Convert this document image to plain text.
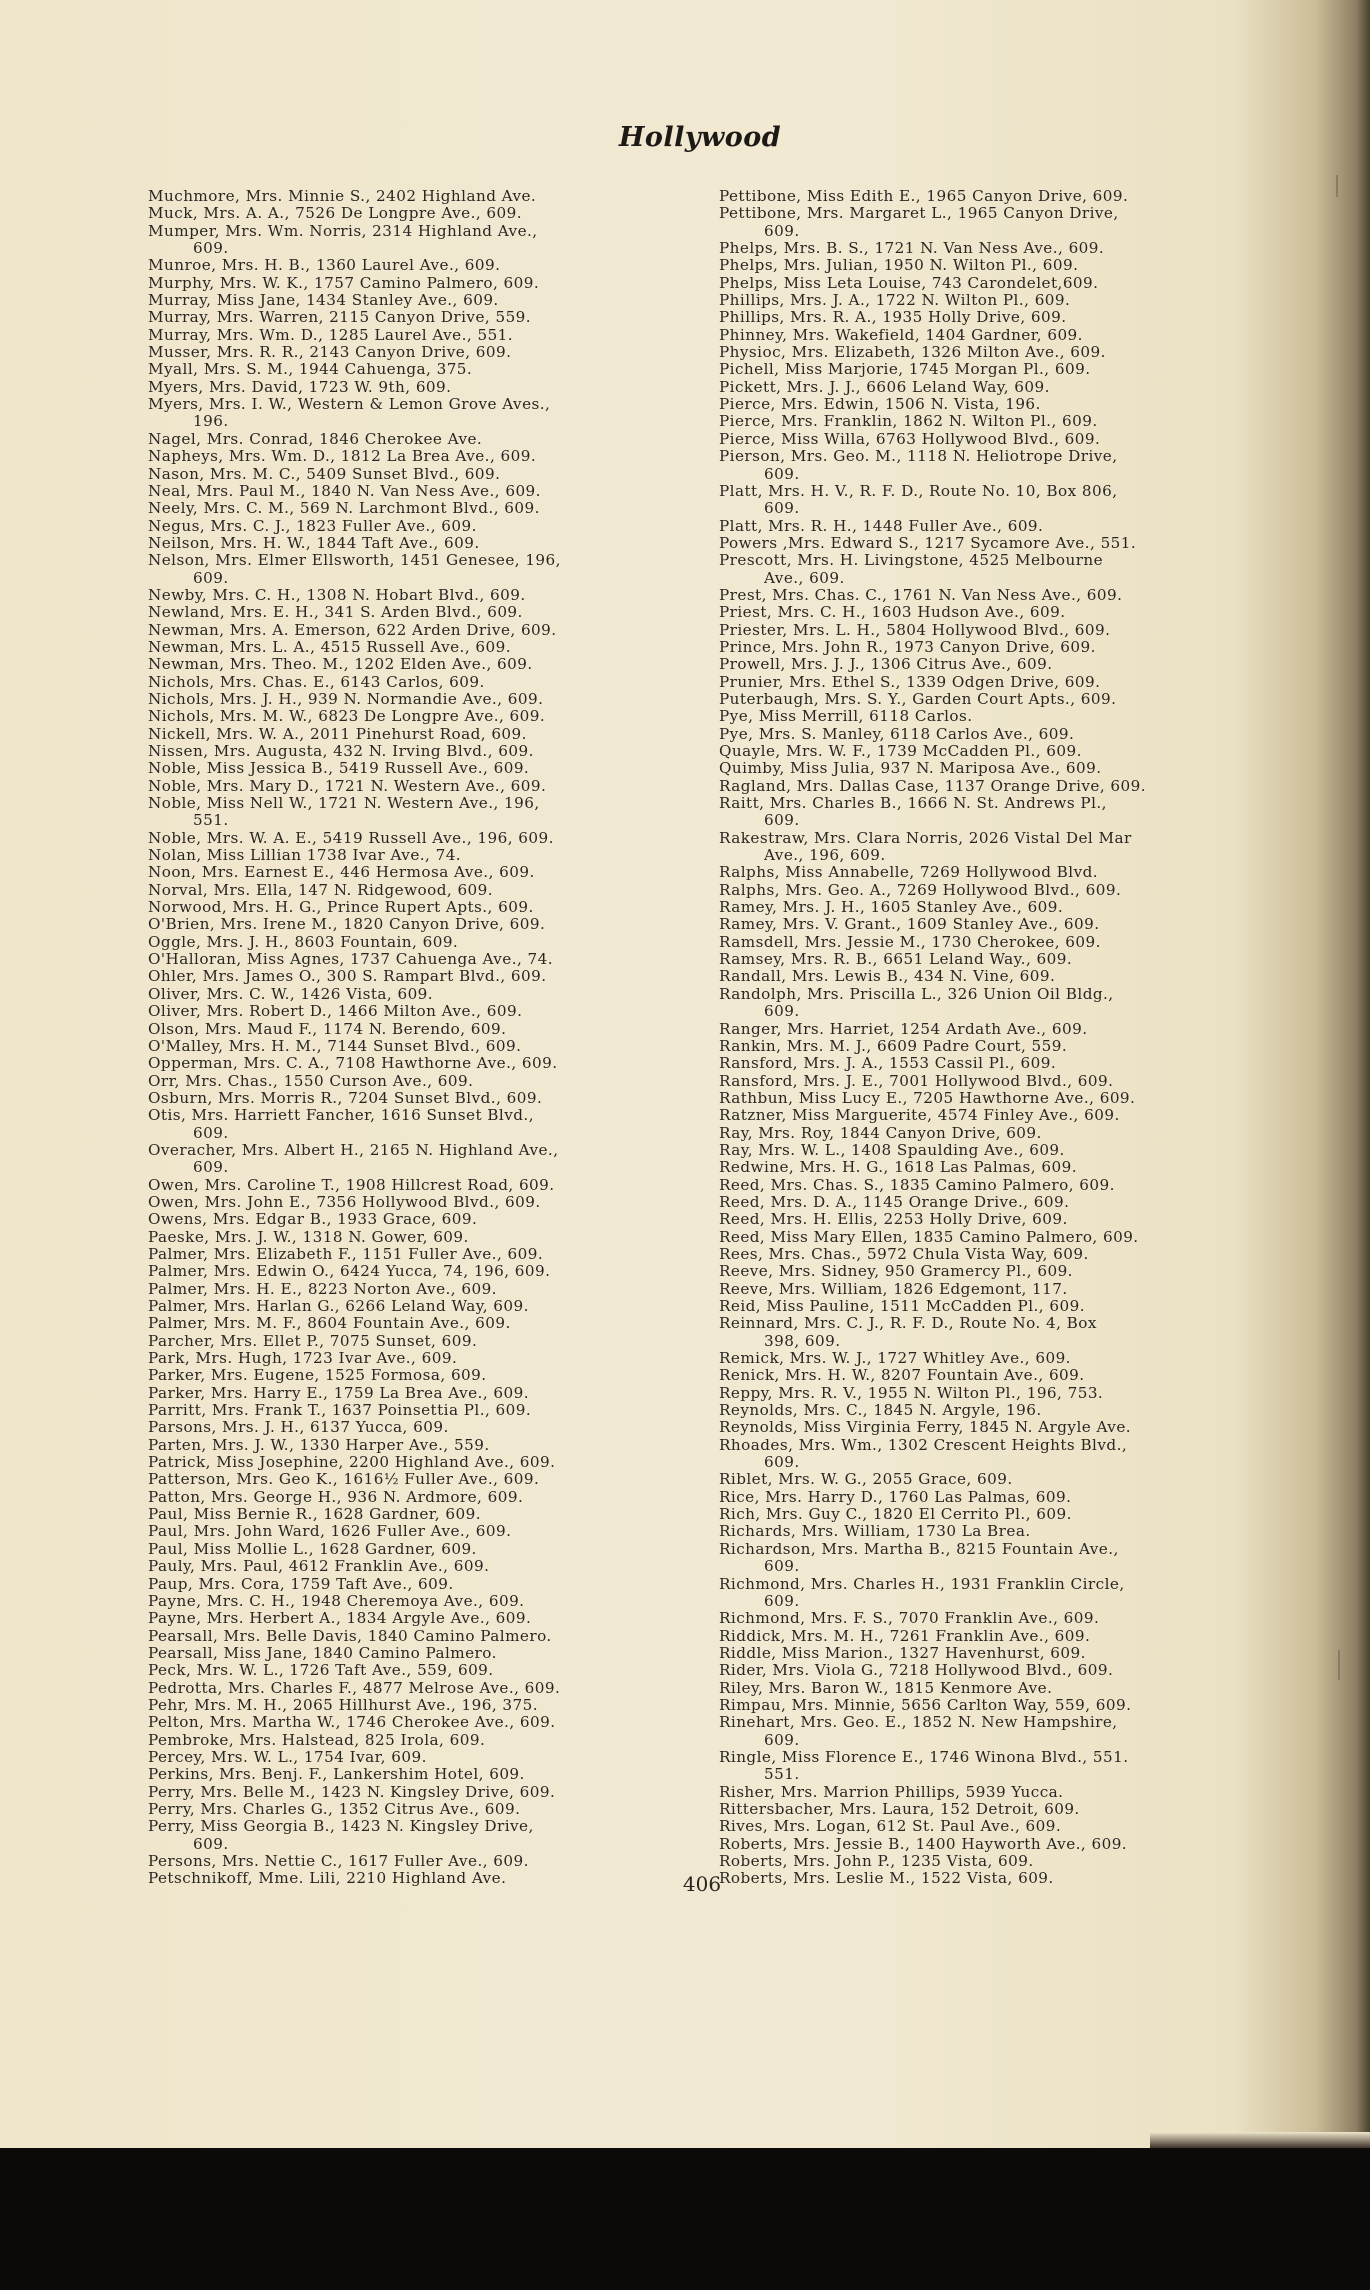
Hollywood
Muchmore, Mrs. Minnie S., 2402 Highland Ave.
Muck, Mrs. A. A., 7526 De Longpre Ave., 609.
Mumper, Mrs. Wm. Norris, 2314 Highland Ave.,
609.
Munroe, Mrs. H. B., 1360 Laurel Ave., 609.
Murphy, Mrs. W. K., 1757 Camino Palmero, 609.
Murray, Miss Jane, 1434 Stanley Ave., 609.
Murray, Mrs. Warren, 2115 Canyon Drive, 559.
Murray, Mrs. Wm. D., 1285 Laurel Ave., 551.
Musser, Mrs. R. R., 2143 Canyon Drive, 609.
Myall, Mrs. S. M., 1944 Cahuenga, 375.
Myers, Mrs. David, 1723 W. 9th, 609.
Myers, Mrs. I. W., Western & Lemon Grove Aves.,
196.
Nagel, Mrs. Conrad, 1846 Cherokee Ave.
Napheys, Mrs. Wm. D., 1812 La Brea Ave., 609.
Nason, Mrs. M. C., 5409 Sunset Blvd., 609.
Neal, Mrs. Paul M., 1840 N. Van Ness Ave., 609.
Neely, Mrs. C. M., 569 N. Larchmont Blvd., 609.
Negus, Mrs. C. J., 1823 Fuller Ave., 609.
Neilson, Mrs. H. W., 1844 Taft Ave., 609.
Nelson, Mrs. Elmer Ellsworth, 1451 Genesee, 196,
609.
Newby, Mrs. C. H., 1308 N. Hobart Blvd., 609.
Newland, Mrs. E. H., 341 S. Arden Blvd., 609.
Newman, Mrs. A. Emerson, 622 Arden Drive, 609.
Newman, Mrs. L. A., 4515 Russell Ave., 609.
Newman, Mrs. Theo. M., 1202 Elden Ave., 609.
Nichols, Mrs. Chas. E., 6143 Carlos, 609.
Nichols, Mrs. J. H., 939 N. Normandie Ave., 609.
Nichols, Mrs. M. W., 6823 De Longpre Ave., 609.
Nickell, Mrs. W. A., 2011 Pinehurst Road, 609.
Nissen, Mrs. Augusta, 432 N. Irving Blvd., 609.
Noble, Miss Jessica B., 5419 Russell Ave., 609.
Noble, Mrs. Mary D., 1721 N. Western Ave., 609.
Noble, Miss Nell W., 1721 N. Western Ave., 196,
551.
Noble, Mrs. W. A. E., 5419 Russell Ave., 196, 609.
Nolan, Miss Lillian 1738 Ivar Ave., 74.
Noon, Mrs. Earnest E., 446 Hermosa Ave., 609.
Norval, Mrs. Ella, 147 N. Ridgewood, 609.
Norwood, Mrs. H. G., Prince Rupert Apts., 609.
O'Brien, Mrs. Irene M., 1820 Canyon Drive, 609.
Oggle, Mrs. J. H., 8603 Fountain, 609.
O'Halloran, Miss Agnes, 1737 Cahuenga Ave., 74.
Ohler, Mrs. James O., 300 S. Rampart Blvd., 609.
Oliver, Mrs. C. W., 1426 Vista, 609.
Oliver, Mrs. Robert D., 1466 Milton Ave., 609.
Olson, Mrs. Maud F., 1174 N. Berendo, 609.
O'Malley, Mrs. H. M., 7144 Sunset Blvd., 609.
Opperman, Mrs. C. A., 7108 Hawthorne Ave., 609.
Orr, Mrs. Chas., 1550 Curson Ave., 609.
Osburn, Mrs. Morris R., 7204 Sunset Blvd., 609.
Otis, Mrs. Harriett Fancher, 1616 Sunset Blvd.,
609.
Overacher, Mrs. Albert H., 2165 N. Highland Ave.,
609.
Owen, Mrs. Caroline T., 1908 Hillcrest Road, 609.
Owen, Mrs. John E., 7356 Hollywood Blvd., 609.
Owens, Mrs. Edgar B., 1933 Grace, 609.
Paeske, Mrs. J. W., 1318 N. Gower, 609.
Palmer, Mrs. Elizabeth F., 1151 Fuller Ave., 609.
Palmer, Mrs. Edwin O., 6424 Yucca, 74, 196, 609.
Palmer, Mrs. H. E., 8223 Norton Ave., 609.
Palmer, Mrs. Harlan G., 6266 Leland Way, 609.
Palmer, Mrs. M. F., 8604 Fountain Ave., 609.
Parcher, Mrs. Ellet P., 7075 Sunset, 609.
Park, Mrs. Hugh, 1723 Ivar Ave., 609.
Parker, Mrs. Eugene, 1525 Formosa, 609.
Parker, Mrs. Harry E., 1759 La Brea Ave., 609.
Parritt, Mrs. Frank T., 1637 Poinsettia Pl., 609.
Parsons, Mrs. J. H., 6137 Yucca, 609.
Parten, Mrs. J. W., 1330 Harper Ave., 559.
Patrick, Miss Josephine, 2200 Highland Ave., 609.
Patterson, Mrs. Geo K., 1616½ Fuller Ave., 609.
Patton, Mrs. George H., 936 N. Ardmore, 609.
Paul, Miss Bernie R., 1628 Gardner, 609.
Paul, Mrs. John Ward, 1626 Fuller Ave., 609.
Paul, Miss Mollie L., 1628 Gardner, 609.
Pauly, Mrs. Paul, 4612 Franklin Ave., 609.
Paup, Mrs. Cora, 1759 Taft Ave., 609.
Payne, Mrs. C. H., 1948 Cheremoya Ave., 609.
Payne, Mrs. Herbert A., 1834 Argyle Ave., 609.
Pearsall, Mrs. Belle Davis, 1840 Camino Palmero.
Pearsall, Miss Jane, 1840 Camino Palmero.
Peck, Mrs. W. L., 1726 Taft Ave., 559, 609.
Pedrotta, Mrs. Charles F., 4877 Melrose Ave., 609.
Pehr, Mrs. M. H., 2065 Hillhurst Ave., 196, 375.
Pelton, Mrs. Martha W., 1746 Cherokee Ave., 609.
Pembroke, Mrs. Halstead, 825 Irola, 609.
Percey, Mrs. W. L., 1754 Ivar, 609.
Perkins, Mrs. Benj. F., Lankershim Hotel, 609.
Perry, Mrs. Belle M., 1423 N. Kingsley Drive, 609.
Perry, Mrs. Charles G., 1352 Citrus Ave., 609.
Perry, Miss Georgia B., 1423 N. Kingsley Drive,
609.
Persons, Mrs. Nettie C., 1617 Fuller Ave., 609.
Petschnikoff, Mme. Lili, 2210 Highland Ave.
Pettibone, Miss Edith E., 1965 Canyon Drive, 609.
Pettibone, Mrs. Margaret L., 1965 Canyon Drive,
609.
Phelps, Mrs. B. S., 1721 N. Van Ness Ave., 609.
Phelps, Mrs. Julian, 1950 N. Wilton Pl., 609.
Phelps, Miss Leta Louise, 743 Carondelet,609.
Phillips, Mrs. J. A., 1722 N. Wilton Pl., 609.
Phillips, Mrs. R. A., 1935 Holly Drive, 609.
Phinney, Mrs. Wakefield, 1404 Gardner, 609.
Physioc, Mrs. Elizabeth, 1326 Milton Ave., 609.
Pichell, Miss Marjorie, 1745 Morgan Pl., 609.
Pickett, Mrs. J. J., 6606 Leland Way, 609.
Pierce, Mrs. Edwin, 1506 N. Vista, 196.
Pierce, Mrs. Franklin, 1862 N. Wilton Pl., 609.
Pierce, Miss Willa, 6763 Hollywood Blvd., 609.
Pierson, Mrs. Geo. M., 1118 N. Heliotrope Drive,
609.
Platt, Mrs. H. V., R. F. D., Route No. 10, Box 806,
609.
Platt, Mrs. R. H., 1448 Fuller Ave., 609.
Powers ,Mrs. Edward S., 1217 Sycamore Ave., 551.
Prescott, Mrs. H. Livingstone, 4525 Melbourne
Ave., 609.
Prest, Mrs. Chas. C., 1761 N. Van Ness Ave., 609.
Priest, Mrs. C. H., 1603 Hudson Ave., 609.
Priester, Mrs. L. H., 5804 Hollywood Blvd., 609.
Prince, Mrs. John R., 1973 Canyon Drive, 609.
Prowell, Mrs. J. J., 1306 Citrus Ave., 609.
Prunier, Mrs. Ethel S., 1339 Odgen Drive, 609.
Puterbaugh, Mrs. S. Y., Garden Court Apts., 609.
Pye, Miss Merrill, 6118 Carlos.
Pye, Mrs. S. Manley, 6118 Carlos Ave., 609.
Quayle, Mrs. W. F., 1739 McCadden Pl., 609.
Quimby, Miss Julia, 937 N. Mariposa Ave., 609.
Ragland, Mrs. Dallas Case, 1137 Orange Drive, 609.
Raitt, Mrs. Charles B., 1666 N. St. Andrews Pl.,
609.
Rakestraw, Mrs. Clara Norris, 2026 Vistal Del Mar
Ave., 196, 609.
Ralphs, Miss Annabelle, 7269 Hollywood Blvd.
Ralphs, Mrs. Geo. A., 7269 Hollywood Blvd., 609.
Ramey, Mrs. J. H., 1605 Stanley Ave., 609.
Ramey, Mrs. V. Grant., 1609 Stanley Ave., 609.
Ramsdell, Mrs. Jessie M., 1730 Cherokee, 609.
Ramsey, Mrs. R. B., 6651 Leland Way., 609.
Randall, Mrs. Lewis B., 434 N. Vine, 609.
Randolph, Mrs. Priscilla L., 326 Union Oil Bldg.,
609.
Ranger, Mrs. Harriet, 1254 Ardath Ave., 609.
Rankin, Mrs. M. J., 6609 Padre Court, 559.
Ransford, Mrs. J. A., 1553 Cassil Pl., 609.
Ransford, Mrs. J. E., 7001 Hollywood Blvd., 609.
Rathbun, Miss Lucy E., 7205 Hawthorne Ave., 609.
Ratzner, Miss Marguerite, 4574 Finley Ave., 609.
Ray, Mrs. Roy, 1844 Canyon Drive, 609.
Ray, Mrs. W. L., 1408 Spaulding Ave., 609.
Redwine, Mrs. H. G., 1618 Las Palmas, 609.
Reed, Mrs. Chas. S., 1835 Camino Palmero, 609.
Reed, Mrs. D. A., 1145 Orange Drive., 609.
Reed, Mrs. H. Ellis, 2253 Holly Drive, 609.
Reed, Miss Mary Ellen, 1835 Camino Palmero, 609.
Rees, Mrs. Chas., 5972 Chula Vista Way, 609.
Reeve, Mrs. Sidney, 950 Gramercy Pl., 609.
Reeve, Mrs. William, 1826 Edgemont, 117.
Reid, Miss Pauline, 1511 McCadden Pl., 609.
Reinnard, Mrs. C. J., R. F. D., Route No. 4, Box
398, 609.
Remick, Mrs. W. J., 1727 Whitley Ave., 609.
Renick, Mrs. H. W., 8207 Fountain Ave., 609.
Reppy, Mrs. R. V., 1955 N. Wilton Pl., 196, 753.
Reynolds, Mrs. C., 1845 N. Argyle, 196.
Reynolds, Miss Virginia Ferry, 1845 N. Argyle Ave.
Rhoades, Mrs. Wm., 1302 Crescent Heights Blvd.,
609.
Riblet, Mrs. W. G., 2055 Grace, 609.
Rice, Mrs. Harry D., 1760 Las Palmas, 609.
Rich, Mrs. Guy C., 1820 El Cerrito Pl., 609.
Richards, Mrs. William, 1730 La Brea.
Richardson, Mrs. Martha B., 8215 Fountain Ave.,
609.
Richmond, Mrs. Charles H., 1931 Franklin Circle,
609.
Richmond, Mrs. F. S., 7070 Franklin Ave., 609.
Riddick, Mrs. M. H., 7261 Franklin Ave., 609.
Riddle, Miss Marion., 1327 Havenhurst, 609.
Rider, Mrs. Viola G., 7218 Hollywood Blvd., 609.
Riley, Mrs. Baron W., 1815 Kenmore Ave.
Rimpau, Mrs. Minnie, 5656 Carlton Way, 559, 609.
Rinehart, Mrs. Geo. E., 1852 N. New Hampshire,
609.
Ringle, Miss Florence E., 1746 Winona Blvd., 551.
551.
Risher, Mrs. Marrion Phillips, 5939 Yucca.
Rittersbacher, Mrs. Laura, 152 Detroit, 609.
Rives, Mrs. Logan, 612 St. Paul Ave., 609.
Roberts, Mrs. Jessie B., 1400 Hayworth Ave., 609.
Roberts, Mrs. John P., 1235 Vista, 609.
Roberts, Mrs. Leslie M., 1522 Vista, 609.
406
